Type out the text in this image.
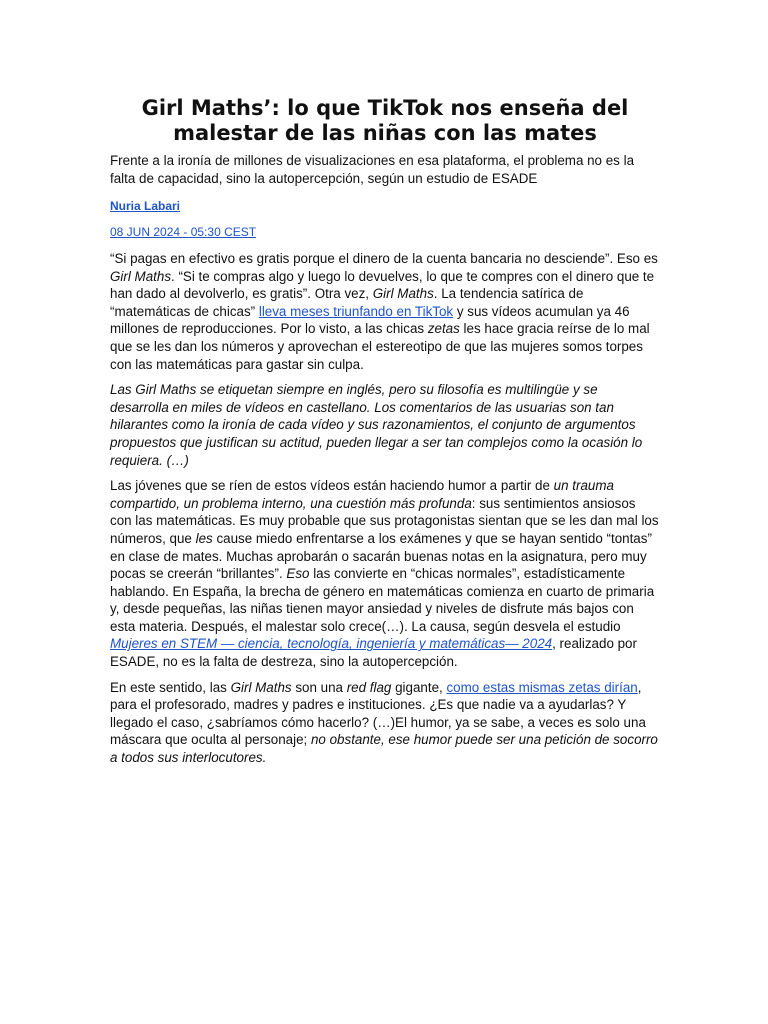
Girl Maths’: lo que TikTok nos enseña del malestar de las niñas con las mates

Frente a la ironía de millones de visualizaciones en esa plataforma, el problema no es la falta de capacidad, sino la autopercepción, según un estudio de ESADE

Nuria Labari

08 JUN 2024 - 05:30 CEST

“Si pagas en efectivo es gratis porque el dinero de la cuenta bancaria no desciende”. Eso es Girl Maths. “Si te compras algo y luego lo devuelves, lo que te compres con el dinero que te han dado al devolverlo, es gratis”. Otra vez, Girl Maths. La tendencia satírica de “matemáticas de chicas” lleva meses triunfando en TikTok y sus vídeos acumulan ya 46 millones de reproducciones. Por lo visto, a las chicas zetas les hace gracia reírse de lo mal que se les dan los números y aprovechan el estereotipo de que las mujeres somos torpes con las matemáticas para gastar sin culpa.

Las Girl Maths se etiquetan siempre en inglés, pero su filosofía es multilingüe y se desarrolla en miles de vídeos en castellano. Los comentarios de las usuarias son tan hilarantes como la ironía de cada vídeo y sus razonamientos, el conjunto de argumentos propuestos que justifican su actitud, pueden llegar a ser tan complejos como la ocasión lo requiera. (…)

Las jóvenes que se ríen de estos vídeos están haciendo humor a partir de un trauma compartido, un problema interno, una cuestión más profunda: sus sentimientos ansiosos con las matemáticas. Es muy probable que sus protagonistas sientan que se les dan mal los números, que les cause miedo enfrentarse a los exámenes y que se hayan sentido “tontas” en clase de mates. Muchas aprobarán o sacarán buenas notas en la asignatura, pero muy pocas se creerán “brillantes”. Eso las convierte en “chicas normales”, estadísticamente hablando. En España, la brecha de género en matemáticas comienza en cuarto de primaria y, desde pequeñas, las niñas tienen mayor ansiedad y niveles de disfrute más bajos con esta materia. Después, el malestar solo crece(…). La causa, según desvela el estudio Mujeres en STEM — ciencia, tecnología, ingeniería y matemáticas— 2024, realizado por ESADE, no es la falta de destreza, sino la autopercepción.

En este sentido, las Girl Maths son una red flag gigante, como estas mismas zetas dirían, para el profesorado, madres y padres e instituciones. ¿Es que nadie va a ayudarlas? Y llegado el caso, ¿sabríamos cómo hacerlo? (…)El humor, ya se sabe, a veces es solo una máscara que oculta al personaje; no obstante, ese humor puede ser una petición de socorro a todos sus interlocutores.
